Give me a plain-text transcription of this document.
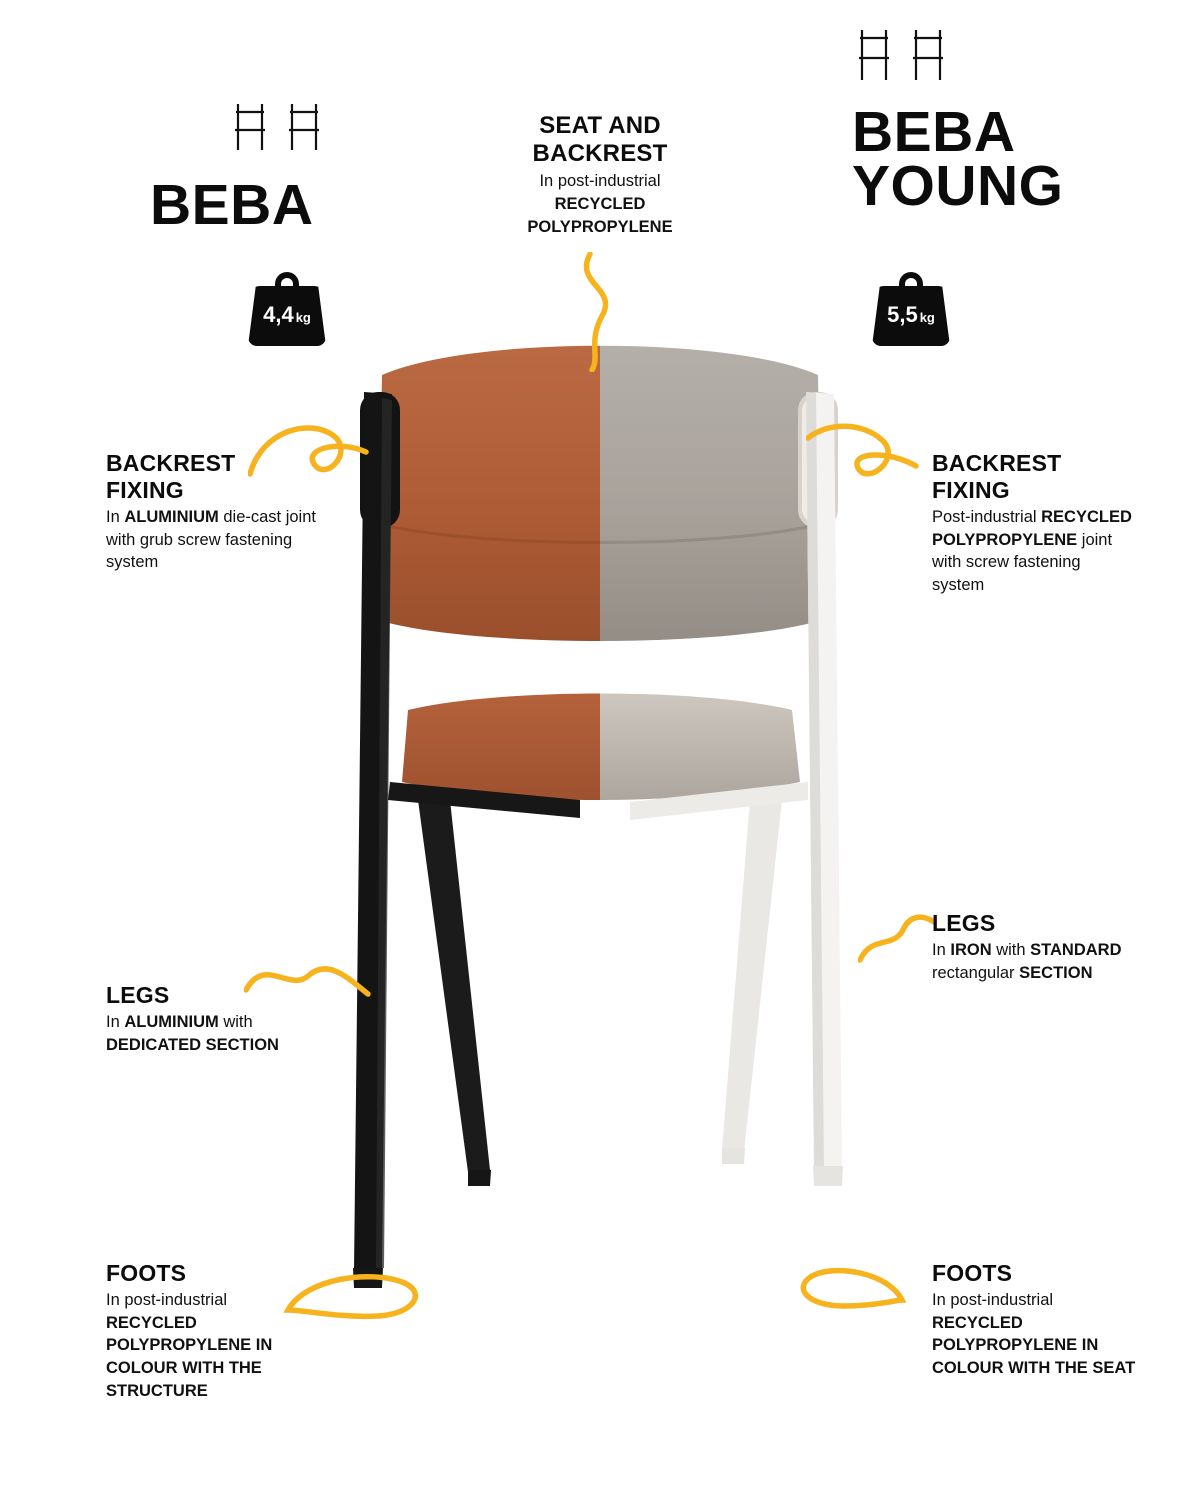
BEBA
BEBA
YOUNG
4,4 kg	5,5 kg
SEAT AND
BACKREST

In post-industrial
RECYCLED
POLYPROPYLENE

BACKREST
FIXING

In ALUMINIUM die-cast joint with grub screw fastening system

BACKREST
FIXING

Post-industrial RECYCLED POLYPROPYLENE joint with screw fastening system

LEGS

In ALUMINIUM with DEDICATED SECTION

LEGS

In IRON with STANDARD rectangular SECTION

FOOTS

In post-industrial RECYCLED POLYPROPYLENE IN COLOUR WITH THE STRUCTURE

FOOTS

In post-industrial RECYCLED POLYPROPYLENE IN COLOUR WITH THE SEAT
